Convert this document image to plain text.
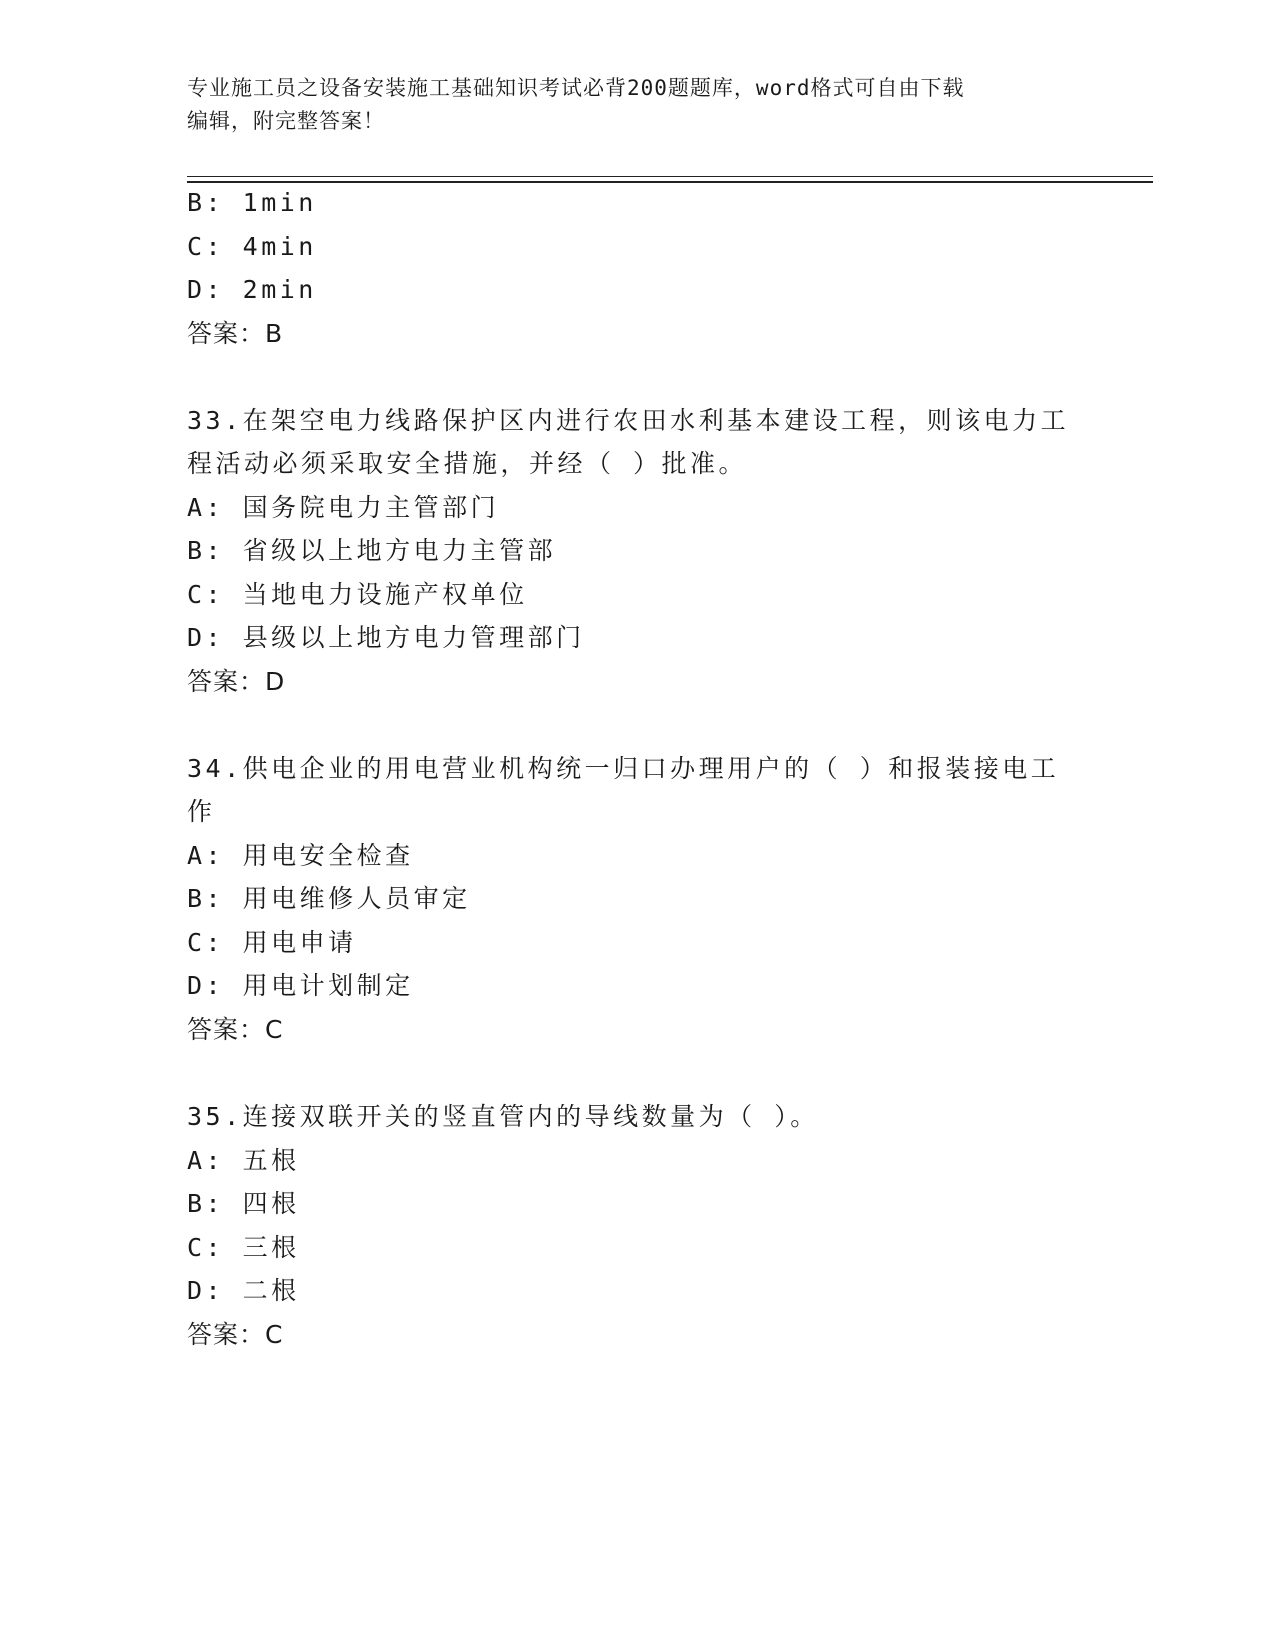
专业施工员之设备安装施工基础知识考试必背200题题库，word格式可自由下载
编辑，附完整答案！
B: 1min
C: 4min
D: 2min
答案：B
33.在架空电力线路保护区内进行农田水利基本建设工程，则该电力工
程活动必须采取安全措施，并经（ ）批准。
A: 国务院电力主管部门
B: 省级以上地方电力主管部
C: 当地电力设施产权单位
D: 县级以上地方电力管理部门
答案：D
34.供电企业的用电营业机构统一归口办理用户的（ ）和报装接电工
作
A: 用电安全检查
B: 用电维修人员审定
C: 用电申请
D: 用电计划制定
答案：C
35.连接双联开关的竖直管内的导线数量为（ ）。
A: 五根
B: 四根
C: 三根
D: 二根
答案：C
